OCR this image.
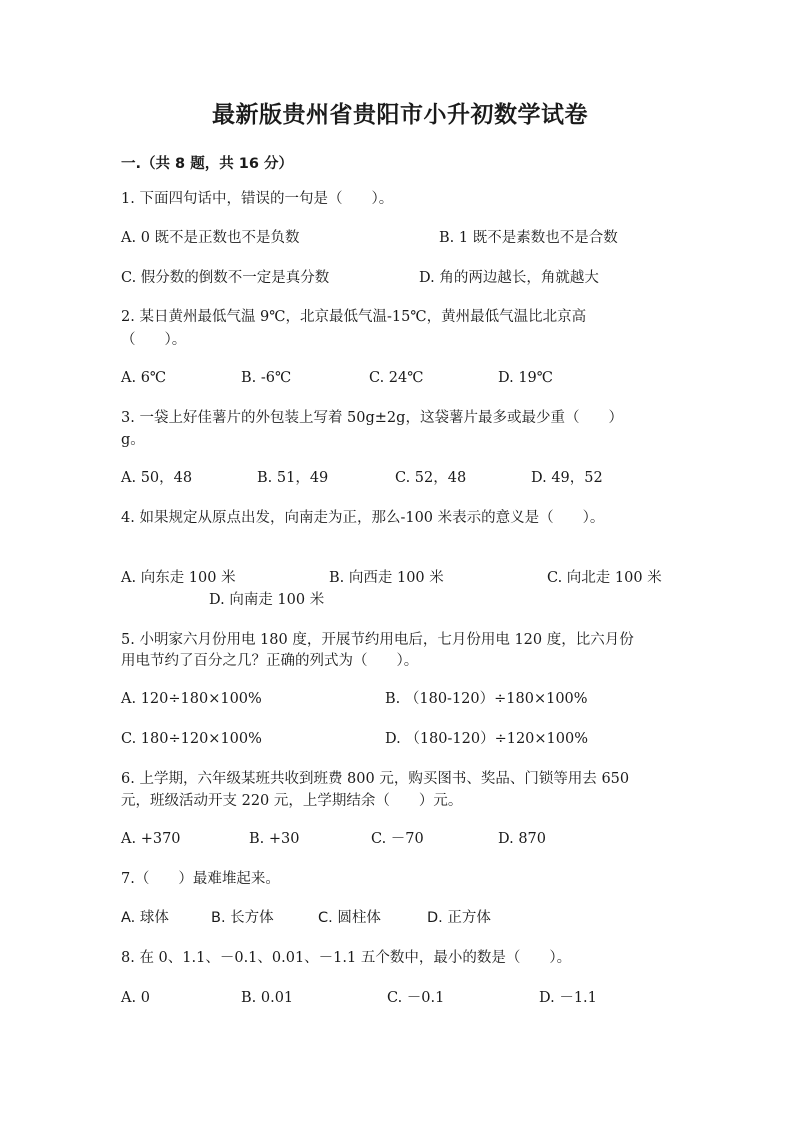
最新版贵州省贵阳市小升初数学试卷
一.（共 8 题，共 16 分）
1. 下面四句话中，错误的一句是（　　）。
A. 0 既不是正数也不是负数	B. 1 既不是素数也不是合数
C. 假分数的倒数不一定是真分数	D. 角的两边越长，角就越大
2. 某日黄州最低气温 9℃，北京最低气温-15℃，黄州最低气温比北京高
（　　）。
A. 6℃	B. -6℃	C. 24℃	D. 19℃
3. 一袋上好佳薯片的外包装上写着 50g±2g，这袋薯片最多或最少重（　　）
g。
A. 50，48	B. 51，49	C. 52，48	D. 49，52
4. 如果规定从原点出发，向南走为正，那么-100 米表示的意义是（　　）。
A. 向东走 100 米	B. 向西走 100 米	C. 向北走 100 米
D. 向南走 100 米
5. 小明家六月份用电 180 度，开展节约用电后，七月份用电 120 度，比六月份
用电节约了百分之几？正确的列式为（　　）。
A. 120÷180×100%	B. （180-120）÷180×100%
C. 180÷120×100%	D. （180-120）÷120×100%
6. 上学期，六年级某班共收到班费 800 元，购买图书、奖品、门锁等用去 650
元，班级活动开支 220 元，上学期结余（　　）元。
A. +370	B. +30	C. －70	D. 870
7.（　　）最难堆起来。
A. 球体	B. 长方体	C. 圆柱体	D. 正方体
8. 在 0、1.1、－0.1、0.01、－1.1 五个数中，最小的数是（　　）。
A. 0	B. 0.01	C. －0.1	D. －1.1
